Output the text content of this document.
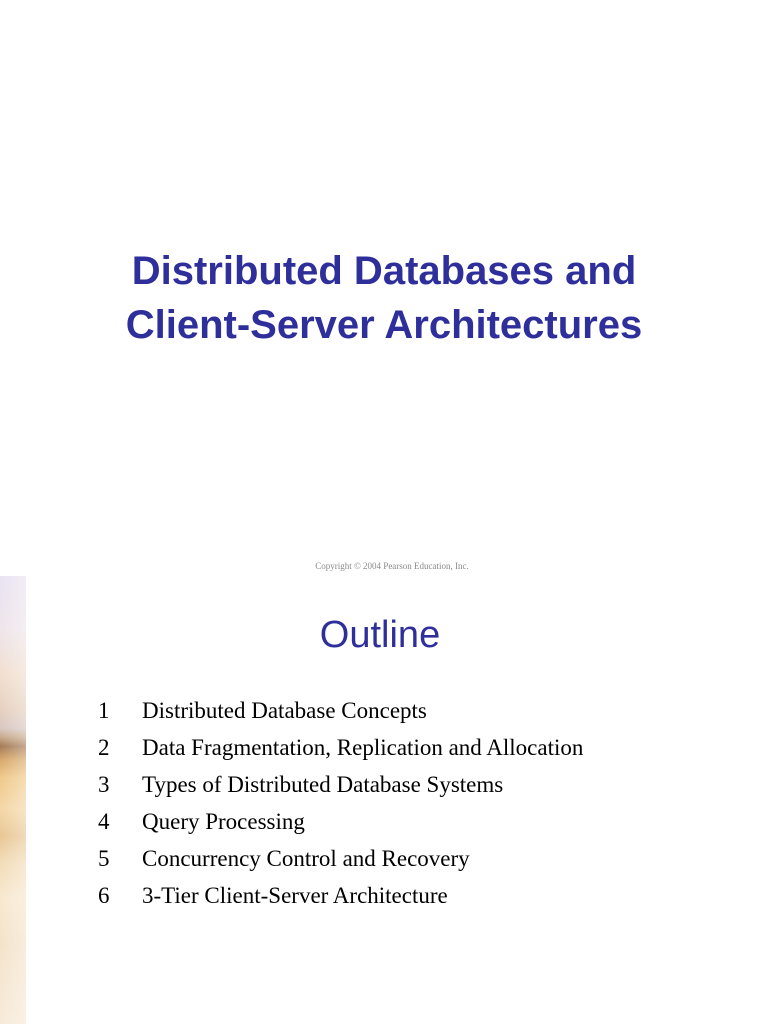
Distributed Databases and
Client-Server Architectures
Copyright © 2004 Pearson Education, Inc.
Outline
1 Distributed Database Concepts
2 Data Fragmentation, Replication and Allocation
3 Types of Distributed Database Systems
4 Query Processing
5 Concurrency Control and Recovery
6 3-Tier Client-Server Architecture
